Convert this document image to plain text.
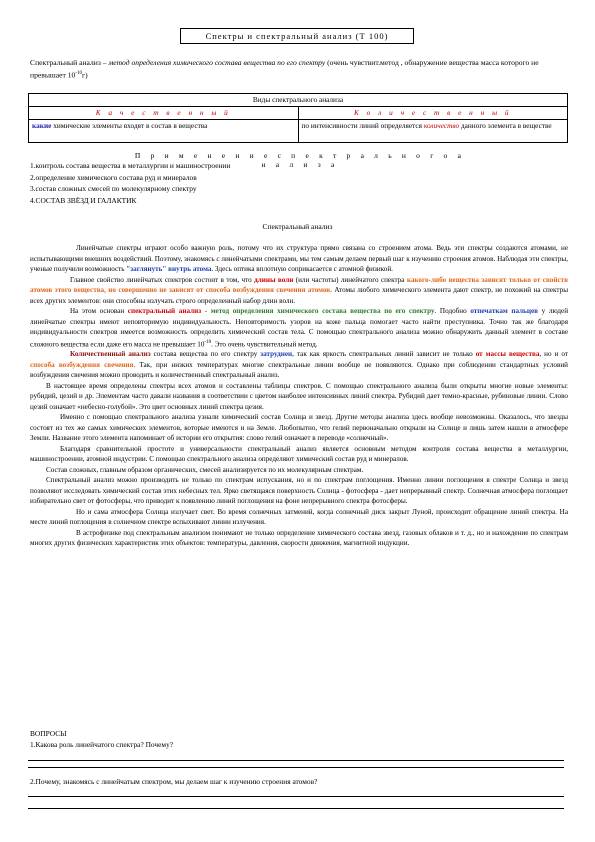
Спектры и спектральный анализ (Т 100)
Спектральный анализ – метод определения химического состава вещества по его спектру (очень чувствит.метод , обнаружение вещества масса которого не превышает $10^{-10}г$)
Виды спектрального анализа	
К а ч е с т в е н н ы й	К о л и ч е с т в е н н ы й
какие химические элементы входят в состав в вещества	по интенсивности линий определяется количество данного элемента в веществе
П р и м е н е н и е с п е к т р а л ь н о г о а н а л и з а
1.контроль состава вещества в металлургии и машиностроении
2.определение химического состава руд и минералов
3.состав сложных смесей по молекулярному спектру
4.СОСТАВ ЗВЁЗД И ГАЛАКТИК
Спектральный анализ

Линейчатые спектры играют особо важную роль, потому что их структура прямо связана со строением атома. Ведь эти спектры создаются атомами, не испытывающими внешних воздействий. Поэтому, знакомясь с линейчатыми спектрами, мы тем самым делаем первый шаг к изучению строения атомов. Наблюдая эти спектры, ученые получили возможность "заглянуть" внутрь атома. Здесь оптика вплотную соприкасается с атомной физикой.

Главное свойство линейчатых спектров состоит в том, что длины волн (или частоты) линейчатого спектра какого-либо вещества зависят только от свойств атомов этого вещества, но совершенно не зависят от способа возбуждения свечения атомов. Атомы любого химического элемента дают спектр, не похожий на спектры всех других элементов: они способны излучать строго определенный набор длин волн.

На этом основан спектральный анализ - метод определения химического состава вещества по его спектру. Подобно отпечаткам пальцев у людей линейчатые спектры имеют неповторимую индивидуальность. Неповторимость узоров на коже пальца помогает часто найти преступника. Точно так же благодаря индивидуальности спектров имеется возможность определить химический состав тела. С помощью спектрального анализа можно обнаружить данный элемент в составе сложного вещества если даже его масса не превышает $10^{-10}$. Это очень чувствительный метод.

Количественный анализ состава вещества по его спектру затруднен, так как яркость спектральных линий зависит не только от массы вещества, но и от способа возбуждения свечения. Так, при низких температурах многие спектральные линии вообще не появляются. Однако при соблюдении стандартных условий возбуждения свечения можно проводить и количественный спектральный анализ.

В настоящее время определены спектры всех атомов и составлены таблицы спектров. С помощью спектрального анализа были открыты многие новые элементы: рубидий, цезий и др. Элементам часто давали названия в соответствии с цветом наиболее интенсивных линий спектра. Рубидий дает темно-красные, рубиновые линии. Слово цезий означает «небесно-голубой». Это цвет основных линий спектра цезия.

Именно с помощью спектрального анализа узнали химический состав Солнца и звезд. Другие методы анализа здесь вообще невозможны. Оказалось, что звезды состоят из тех же самых химических элементов, которые имеются и на Земле. Любопытно, что гелий первоначально открыли на Солнце и лишь затем нашли в атмосфере Земли. Название этого элемента напоминает об истории его открытия: слово гелий означает в переводе «солнечный».

Благодаря сравнительной простоте и универсальности спектральный анализ является основным методом контроля состава вещества в металлургии, машиностроении, атомной индустрии. С помощью спектрального анализа определяют химический состав руд и минералов.

Состав сложных, главным образом органических, смесей анализируется по их молекулярным спектрам.

Спектральный анализ можно производить не только по спектрам испускания, но и по спектрам поглощения. Именно линии поглощения в спектре Солнца и звезд позволяют исследовать химический состав этих небесных тел. Ярко светящаяся поверхность Солнца - фотосфера - дает непрерывный спектр. Солнечная атмосфера поглощает избирательно свет от фотосферы, что приводит к появлению линий поглощения на фоне непрерывного спектра фотосферы.

Но и сама атмосфера Солнца излучает свет. Во время солнечных затмений, когда солнечный диск закрыт Луной, происходит обращение линий спектра. На месте линий поглощения в солнечном спектре вспыхивают линии излучения.

В астрофизике под спектральным анализом понимают не только определение химического состава звезд, газовых облаков и т. д., но и нахождение по спектрам многих других физических характеристик этих объектов: температуры, давления, скорости движения, магнитной индукции.

ВОПРОСЫ
1.Какова роль линейчатого спектра? Почему?
2.Почему, знакомясь с линейчатым спектром, мы делаем шаг к изучению строения атомов?
